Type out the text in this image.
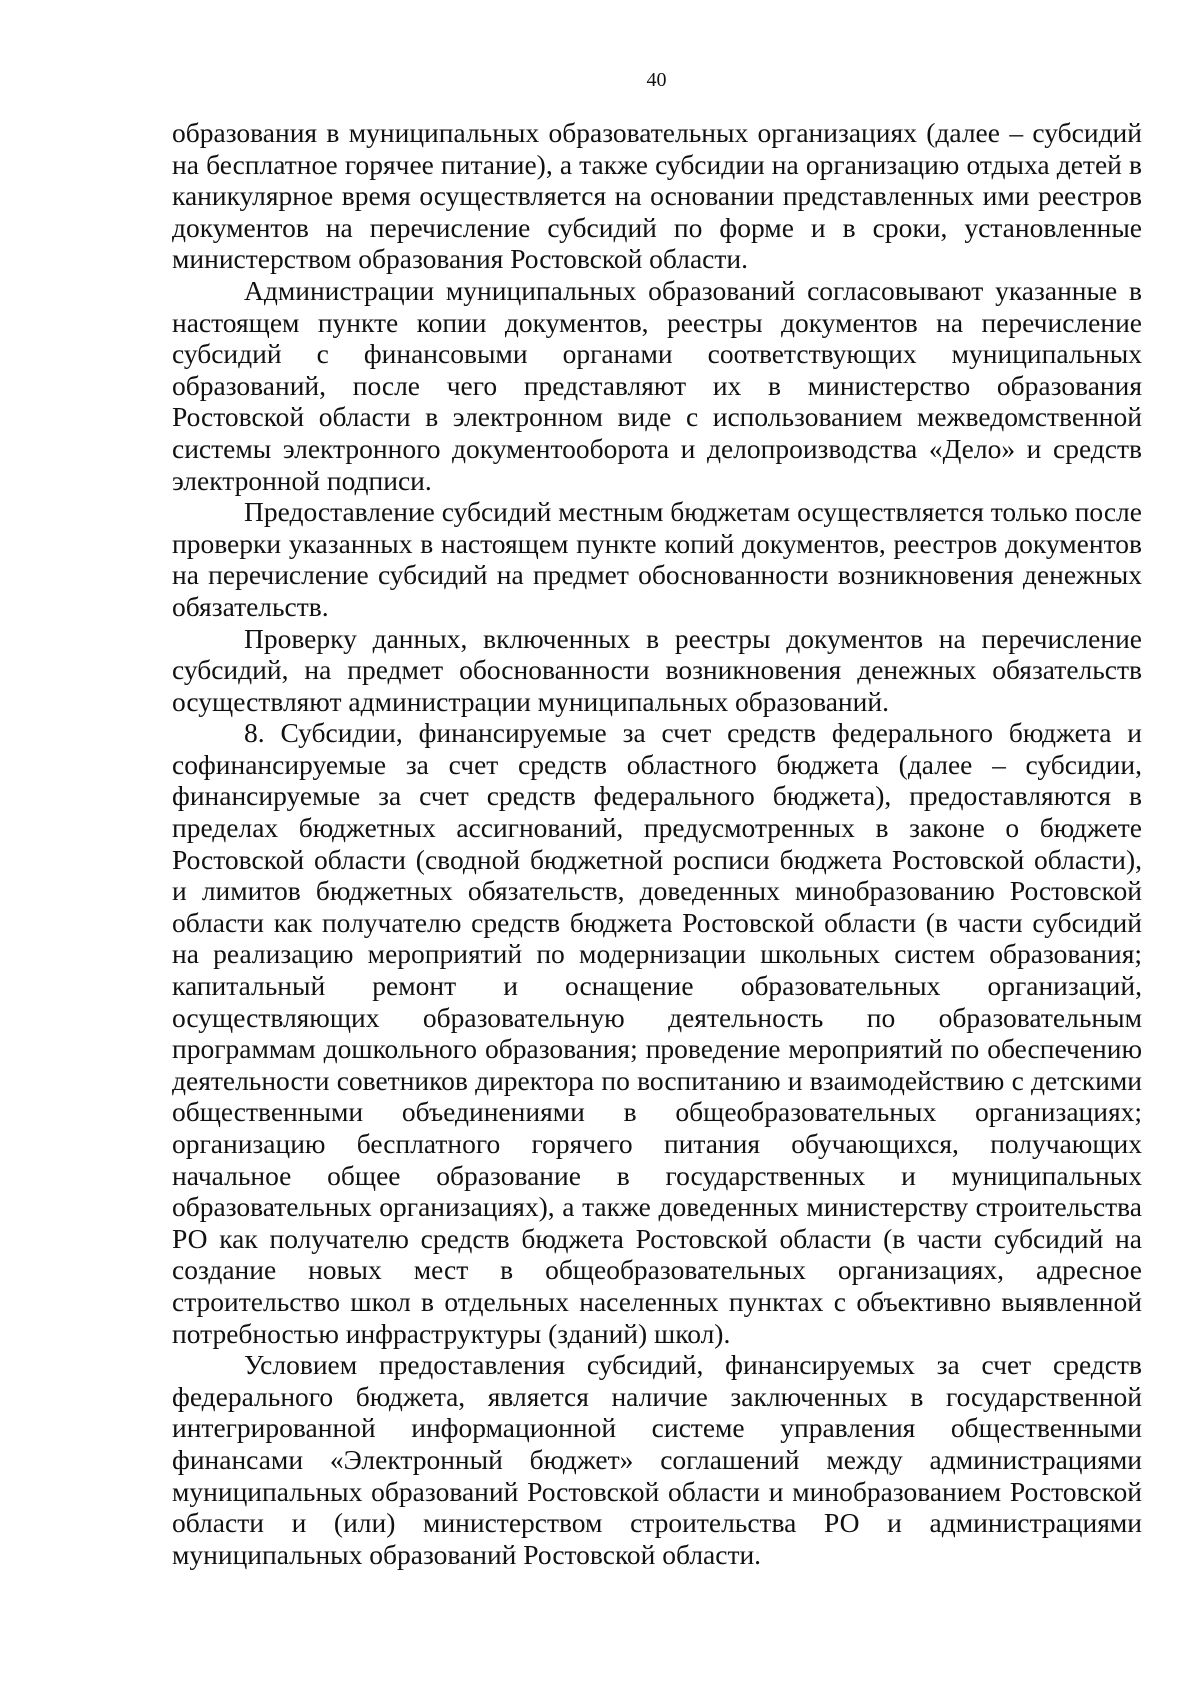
40

образования в муниципальных образовательных организациях (далее – субсидий на бесплатное горячее питание), а также субсидии на организацию отдыха детей в каникулярное время осуществляется на основании представленных ими реестров документов на перечисление субсидий по форме и в сроки, установленные министерством образования Ростовской области.

Администрации муниципальных образований согласовывают указанные в настоящем пункте копии документов, реестры документов на перечисление субсидий с финансовыми органами соответствующих муниципальных образований, после чего представляют их в министерство образования Ростовской области в электронном виде с использованием межведомственной системы электронного документооборота и делопроизводства «Дело» и средств электронной подписи.

Предоставление субсидий местным бюджетам осуществляется только после проверки указанных в настоящем пункте копий документов, реестров документов на перечисление субсидий на предмет обоснованности возникновения денежных обязательств.

Проверку данных, включенных в реестры документов на перечисление субсидий, на предмет обоснованности возникновения денежных обязательств осуществляют администрации муниципальных образований.

8. Субсидии, финансируемые за счет средств федерального бюджета и софинансируемые за счет средств областного бюджета (далее – субсидии, финансируемые за счет средств федерального бюджета), предоставляются в пределах бюджетных ассигнований, предусмотренных в законе о бюджете Ростовской области (сводной бюджетной росписи бюджета Ростовской области), и лимитов бюджетных обязательств, доведенных минобразованию Ростовской области как получателю средств бюджета Ростовской области (в части субсидий на реализацию мероприятий по модернизации школьных систем образования; капитальный ремонт и оснащение образовательных организаций, осуществляющих образовательную деятельность по образовательным программам дошкольного образования; проведение мероприятий по обеспечению деятельности советников директора по воспитанию и взаимодействию с детскими общественными объединениями в общеобразовательных организациях; организацию бесплатного горячего питания обучающихся, получающих начальное общее образование в государственных и муниципальных образовательных организациях), а также доведенных министерству строительства РО как получателю средств бюджета Ростовской области (в части субсидий на создание новых мест в общеобразовательных организациях, адресное строительство школ в отдельных населенных пунктах с объективно выявленной потребностью инфраструктуры (зданий) школ).

Условием предоставления субсидий, финансируемых за счет средств федерального бюджета, является наличие заключенных в государственной интегрированной информационной системе управления общественными финансами «Электронный бюджет» соглашений между администрациями муниципальных образований Ростовской области и минобразованием Ростовской области и (или) министерством строительства РО и администрациями муниципальных образований Ростовской области.
